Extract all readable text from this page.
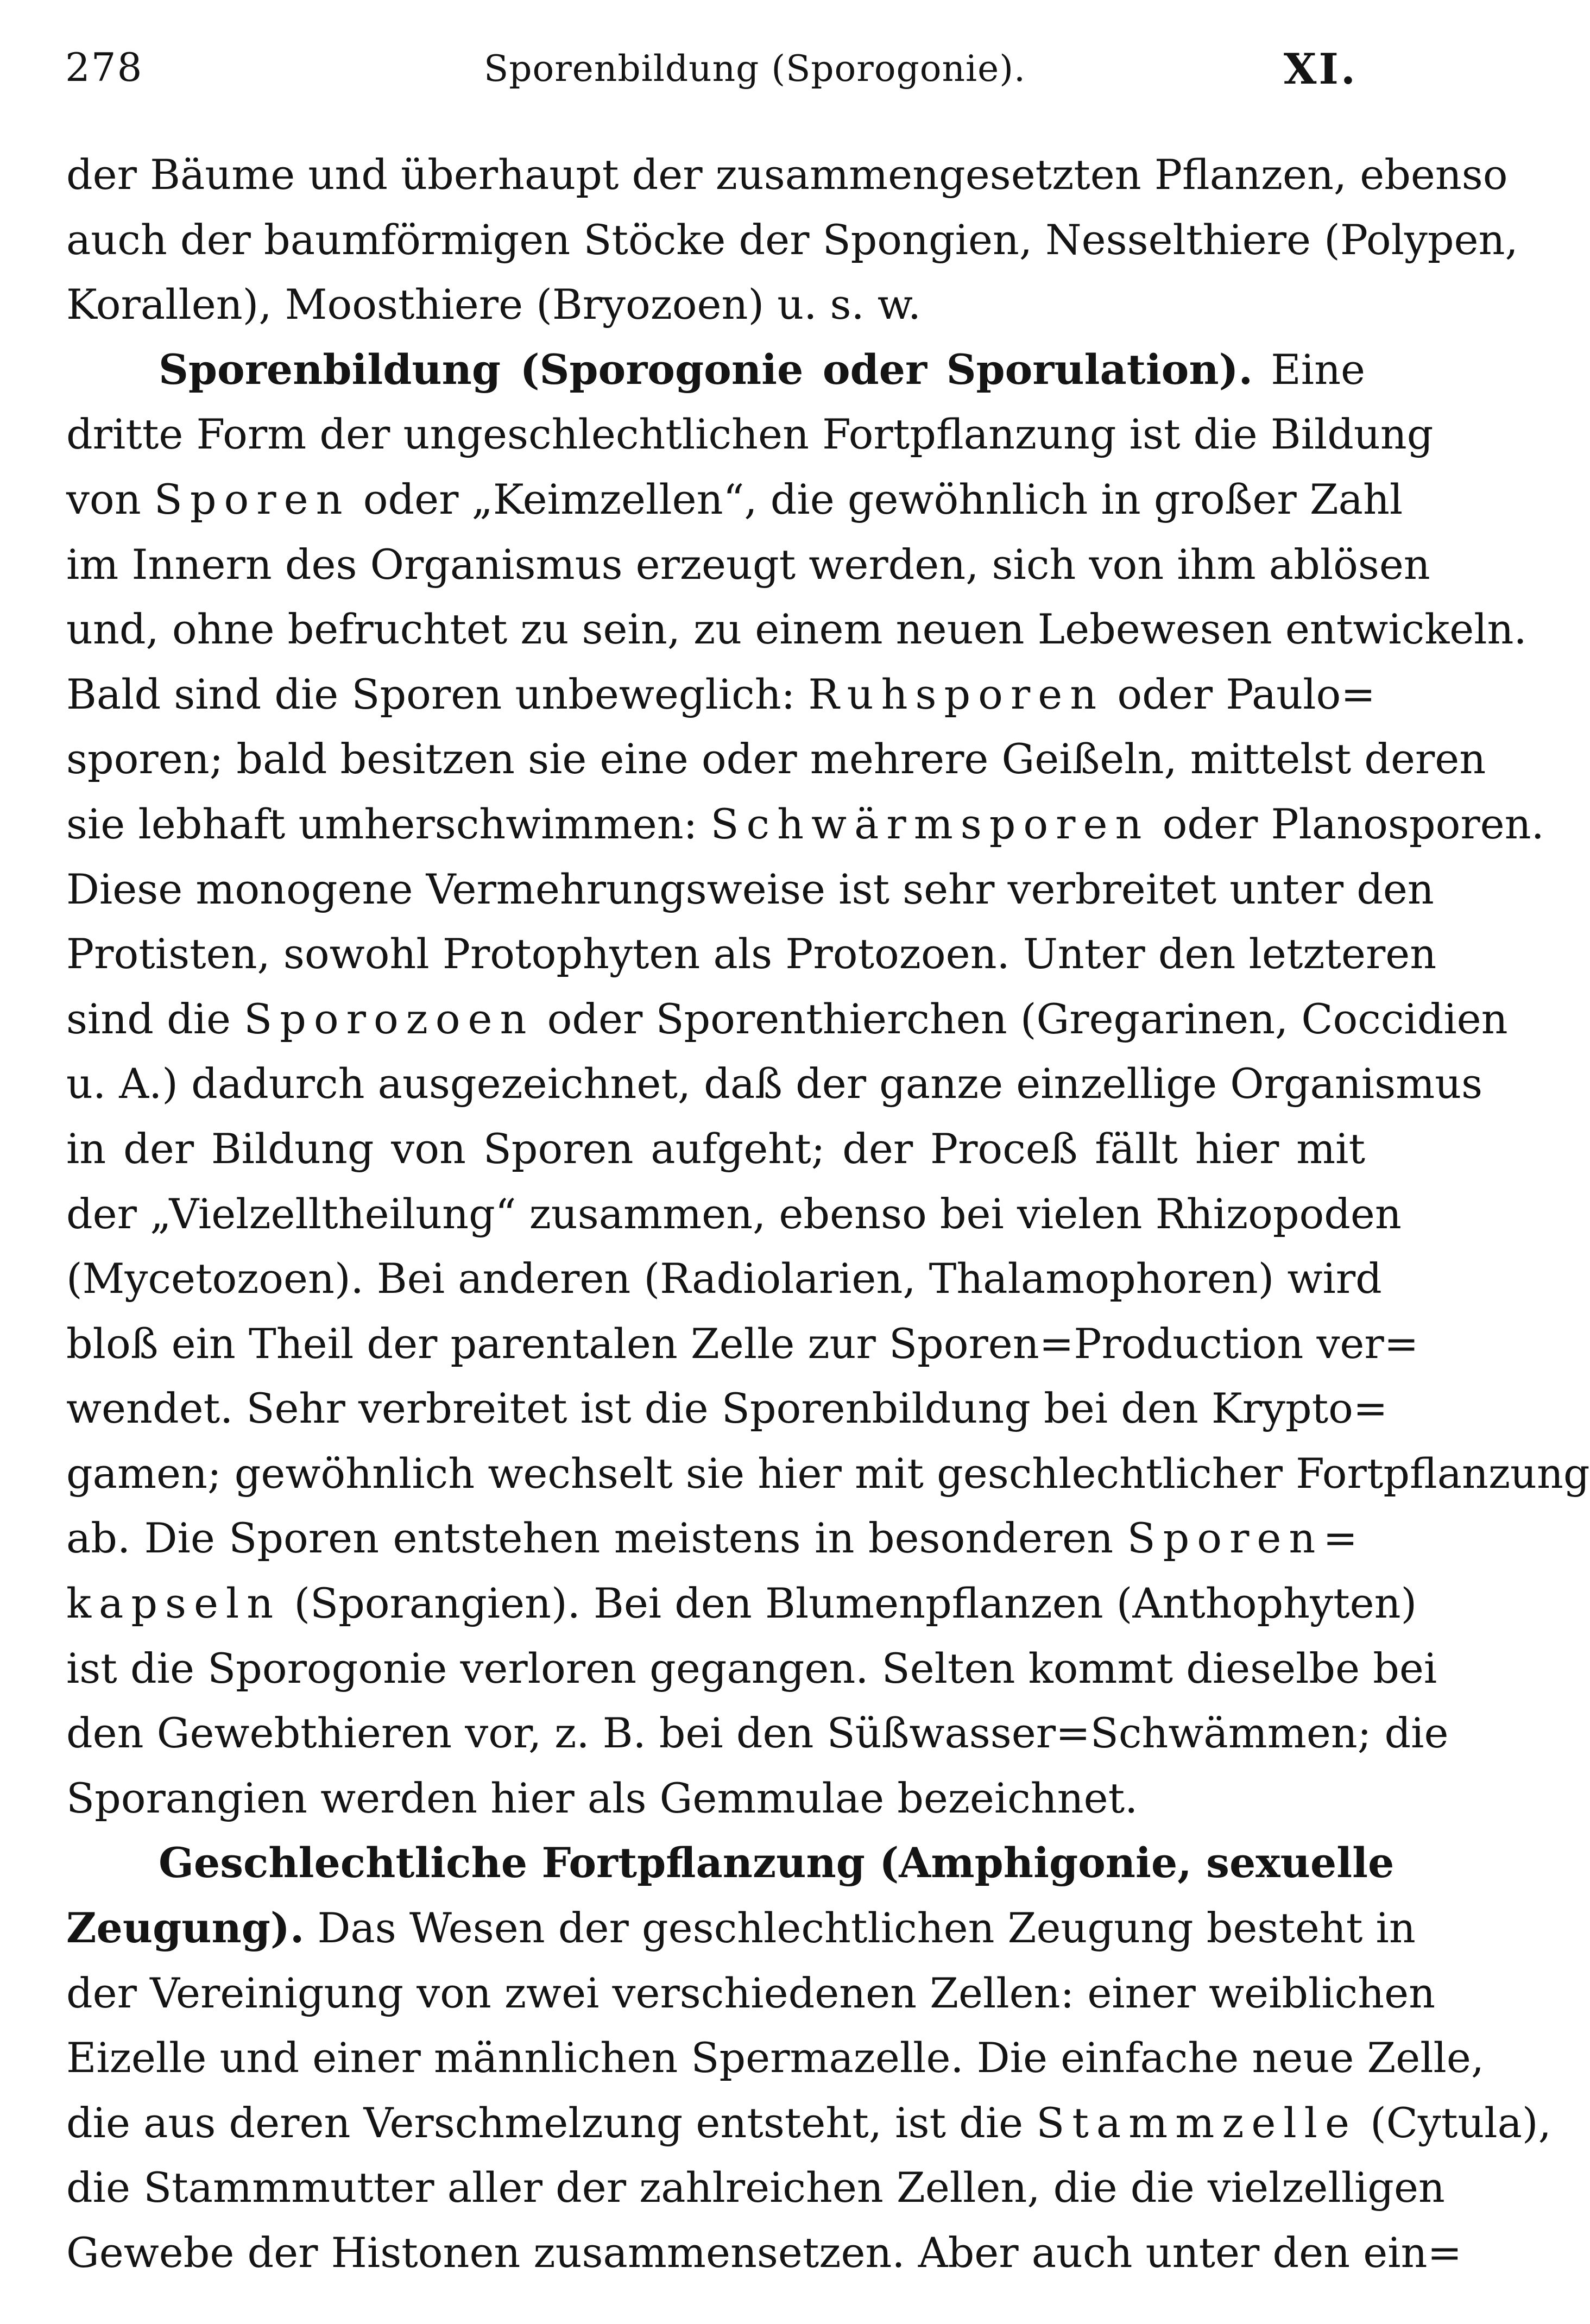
278	Sporenbildung (Sporogonie).	XI.
der Bäume und überhaupt der zusammengesetzten Pflanzen, ebenso
auch der baumförmigen Stöcke der Spongien, Nesselthiere (Polypen,
Korallen), Moosthiere (Bryozoen) u. s. w.
Sporenbildung (Sporogonie oder Sporulation). Eine
dritte Form der ungeschlechtlichen Fortpflanzung ist die Bildung
von Sporen oder „Keimzellen“, die gewöhnlich in großer Zahl
im Innern des Organismus erzeugt werden, sich von ihm ablösen
und, ohne befruchtet zu sein, zu einem neuen Lebewesen entwickeln.
Bald sind die Sporen unbeweglich: Ruhsporen oder Paulo=
sporen; bald besitzen sie eine oder mehrere Geißeln, mittelst deren
sie lebhaft umherschwimmen: Schwärmsporen oder Planosporen.
Diese monogene Vermehrungsweise ist sehr verbreitet unter den
Protisten, sowohl Protophyten als Protozoen. Unter den letzteren
sind die Sporozoen oder Sporenthierchen (Gregarinen, Coccidien
u. A.) dadurch ausgezeichnet, daß der ganze einzellige Organismus
in der Bildung von Sporen aufgeht; der Proceß fällt hier mit
der „Vielzelltheilung“ zusammen, ebenso bei vielen Rhizopoden
(Mycetozoen). Bei anderen (Radiolarien, Thalamophoren) wird
bloß ein Theil der parentalen Zelle zur Sporen=Production ver=
wendet. Sehr verbreitet ist die Sporenbildung bei den Krypto=
gamen; gewöhnlich wechselt sie hier mit geschlechtlicher Fortpflanzung
ab. Die Sporen entstehen meistens in besonderen Sporen=
kapseln (Sporangien). Bei den Blumenpflanzen (Anthophyten)
ist die Sporogonie verloren gegangen. Selten kommt dieselbe bei
den Gewebthieren vor, z. B. bei den Süßwasser=Schwämmen; die
Sporangien werden hier als Gemmulae bezeichnet.
Geschlechtliche Fortpflanzung (Amphigonie, sexuelle
Zeugung). Das Wesen der geschlechtlichen Zeugung besteht in
der Vereinigung von zwei verschiedenen Zellen: einer weiblichen
Eizelle und einer männlichen Spermazelle. Die einfache neue Zelle,
die aus deren Verschmelzung entsteht, ist die Stammzelle (Cytula),
die Stammmutter aller der zahlreichen Zellen, die die vielzelligen
Gewebe der Histonen zusammensetzen. Aber auch unter den ein=
